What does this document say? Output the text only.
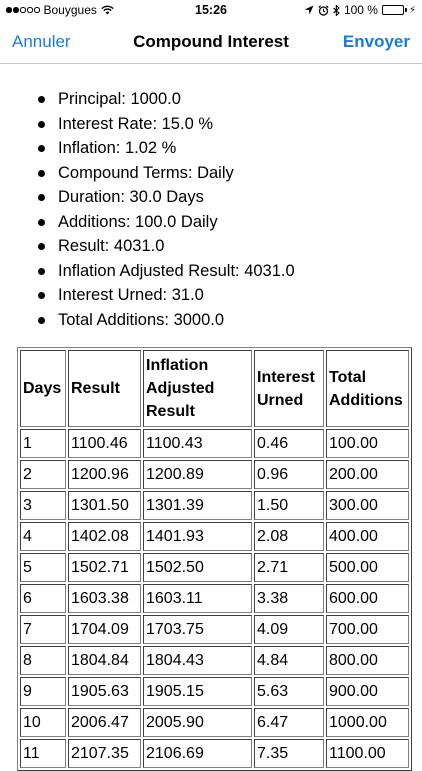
Bouygues	15:26	100 %	⚡
Annuler	Compound Interest	Envoyer
Principal: 1000.0
Interest Rate: 15.0 %
Inflation: 1.02 %
Compound Terms: Daily
Duration: 30.0 Days
Additions: 100.0 Daily
Result: 4031.0
Inflation Adjusted Result: 4031.0
Interest Urned: 31.0
Total Additions: 3000.0
Days	Result	Inflation Adjusted Result	Interest Urned	Total Additions
1	1100.46	1100.43	0.46	100.00
2	1200.96	1200.89	0.96	200.00
3	1301.50	1301.39	1.50	300.00
4	1402.08	1401.93	2.08	400.00
5	1502.71	1502.50	2.71	500.00
6	1603.38	1603.11	3.38	600.00
7	1704.09	1703.75	4.09	700.00
8	1804.84	1804.43	4.84	800.00
9	1905.63	1905.15	5.63	900.00
10	2006.47	2005.90	6.47	1000.00
11	2107.35	2106.69	7.35	1100.00
